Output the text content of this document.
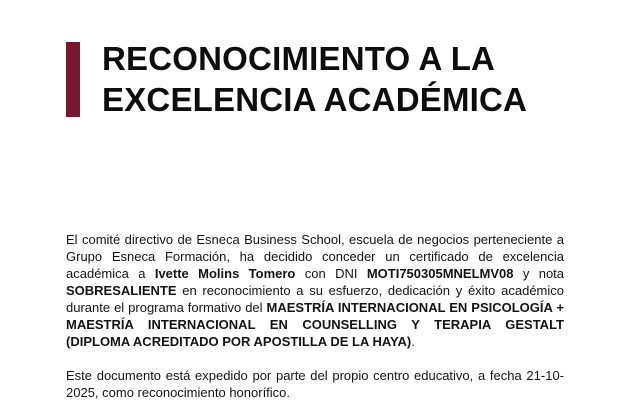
RECONOCIMIENTO A LA
EXCELENCIA ACADÉMICA

El comité directivo de Esneca Business School, escuela de negocios perteneciente a Grupo Esneca Formación, ha decidido conceder un certificado de excelencia académica a Ivette Molins Tomero con DNI MOTI750305MNELMV08 y nota SOBRESALIENTE en reconocimiento a su esfuerzo, dedicación y éxito académico durante el programa formativo del MAESTRÍA INTERNACIONAL EN PSICOLOGÍA + MAESTRÍA INTERNACIONAL EN COUNSELLING Y TERAPIA GESTALT (DIPLOMA ACREDITADO POR APOSTILLA DE LA HAYA).

Este documento está expedido por parte del propio centro educativo, a fecha 21-10-2025, como reconocimiento honorífico.
